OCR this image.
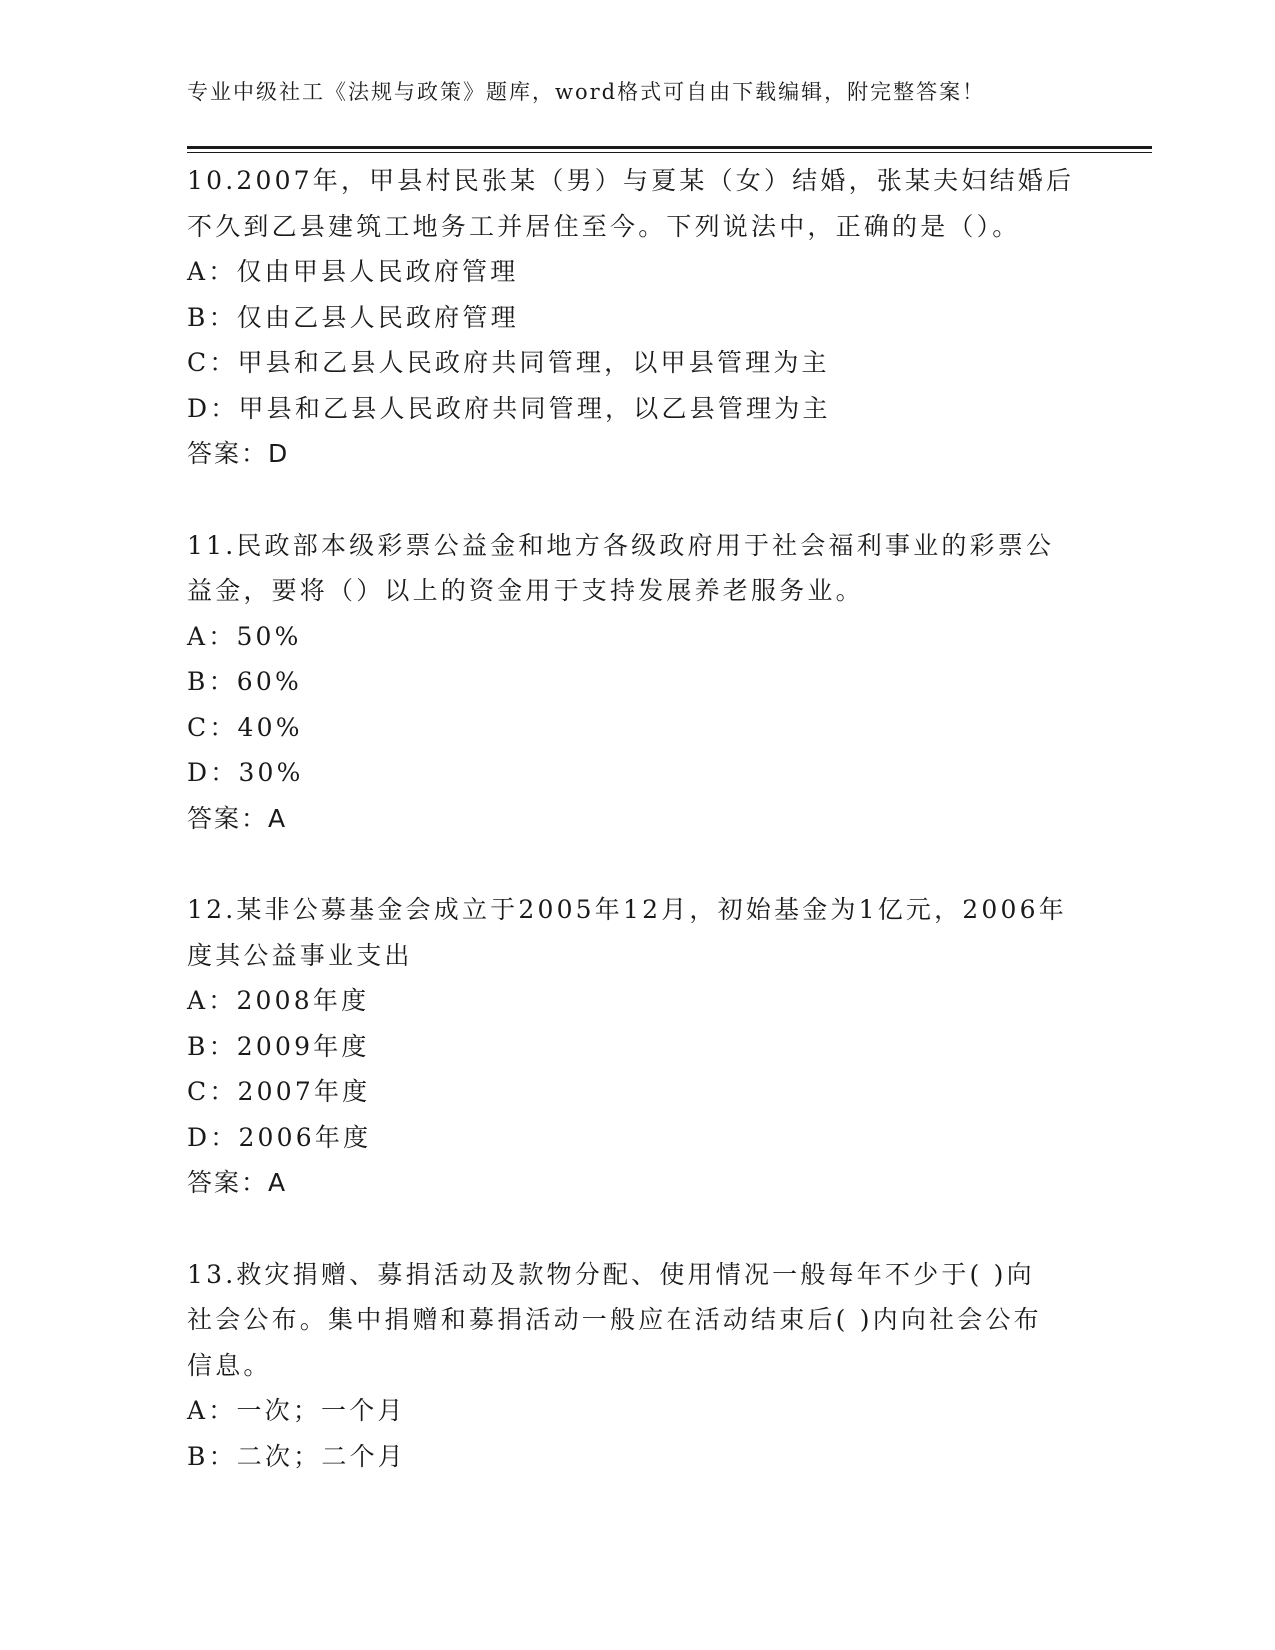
专业中级社工《法规与政策》题库，word格式可自由下载编辑，附完整答案！
10.2007年，甲县村民张某（男）与夏某（女）结婚，张某夫妇结婚后
不久到乙县建筑工地务工并居住至今。下列说法中，正确的是（）。
A：仅由甲县人民政府管理
B：仅由乙县人民政府管理
C：甲县和乙县人民政府共同管理，以甲县管理为主
D：甲县和乙县人民政府共同管理，以乙县管理为主
答案：D
11.民政部本级彩票公益金和地方各级政府用于社会福利事业的彩票公
益金，要将（）以上的资金用于支持发展养老服务业。
A：50%
B：60%
C：40%
D：30%
答案：A
12.某非公募基金会成立于2005年12月，初始基金为1亿元，2006年
度其公益事业支出
A：2008年度
B：2009年度
C：2007年度
D：2006年度
答案：A
13.救灾捐赠、募捐活动及款物分配、使用情况一般每年不少于( )向
社会公布。集中捐赠和募捐活动一般应在活动结束后( )内向社会公布
信息。
A：一次；一个月
B：二次；二个月
